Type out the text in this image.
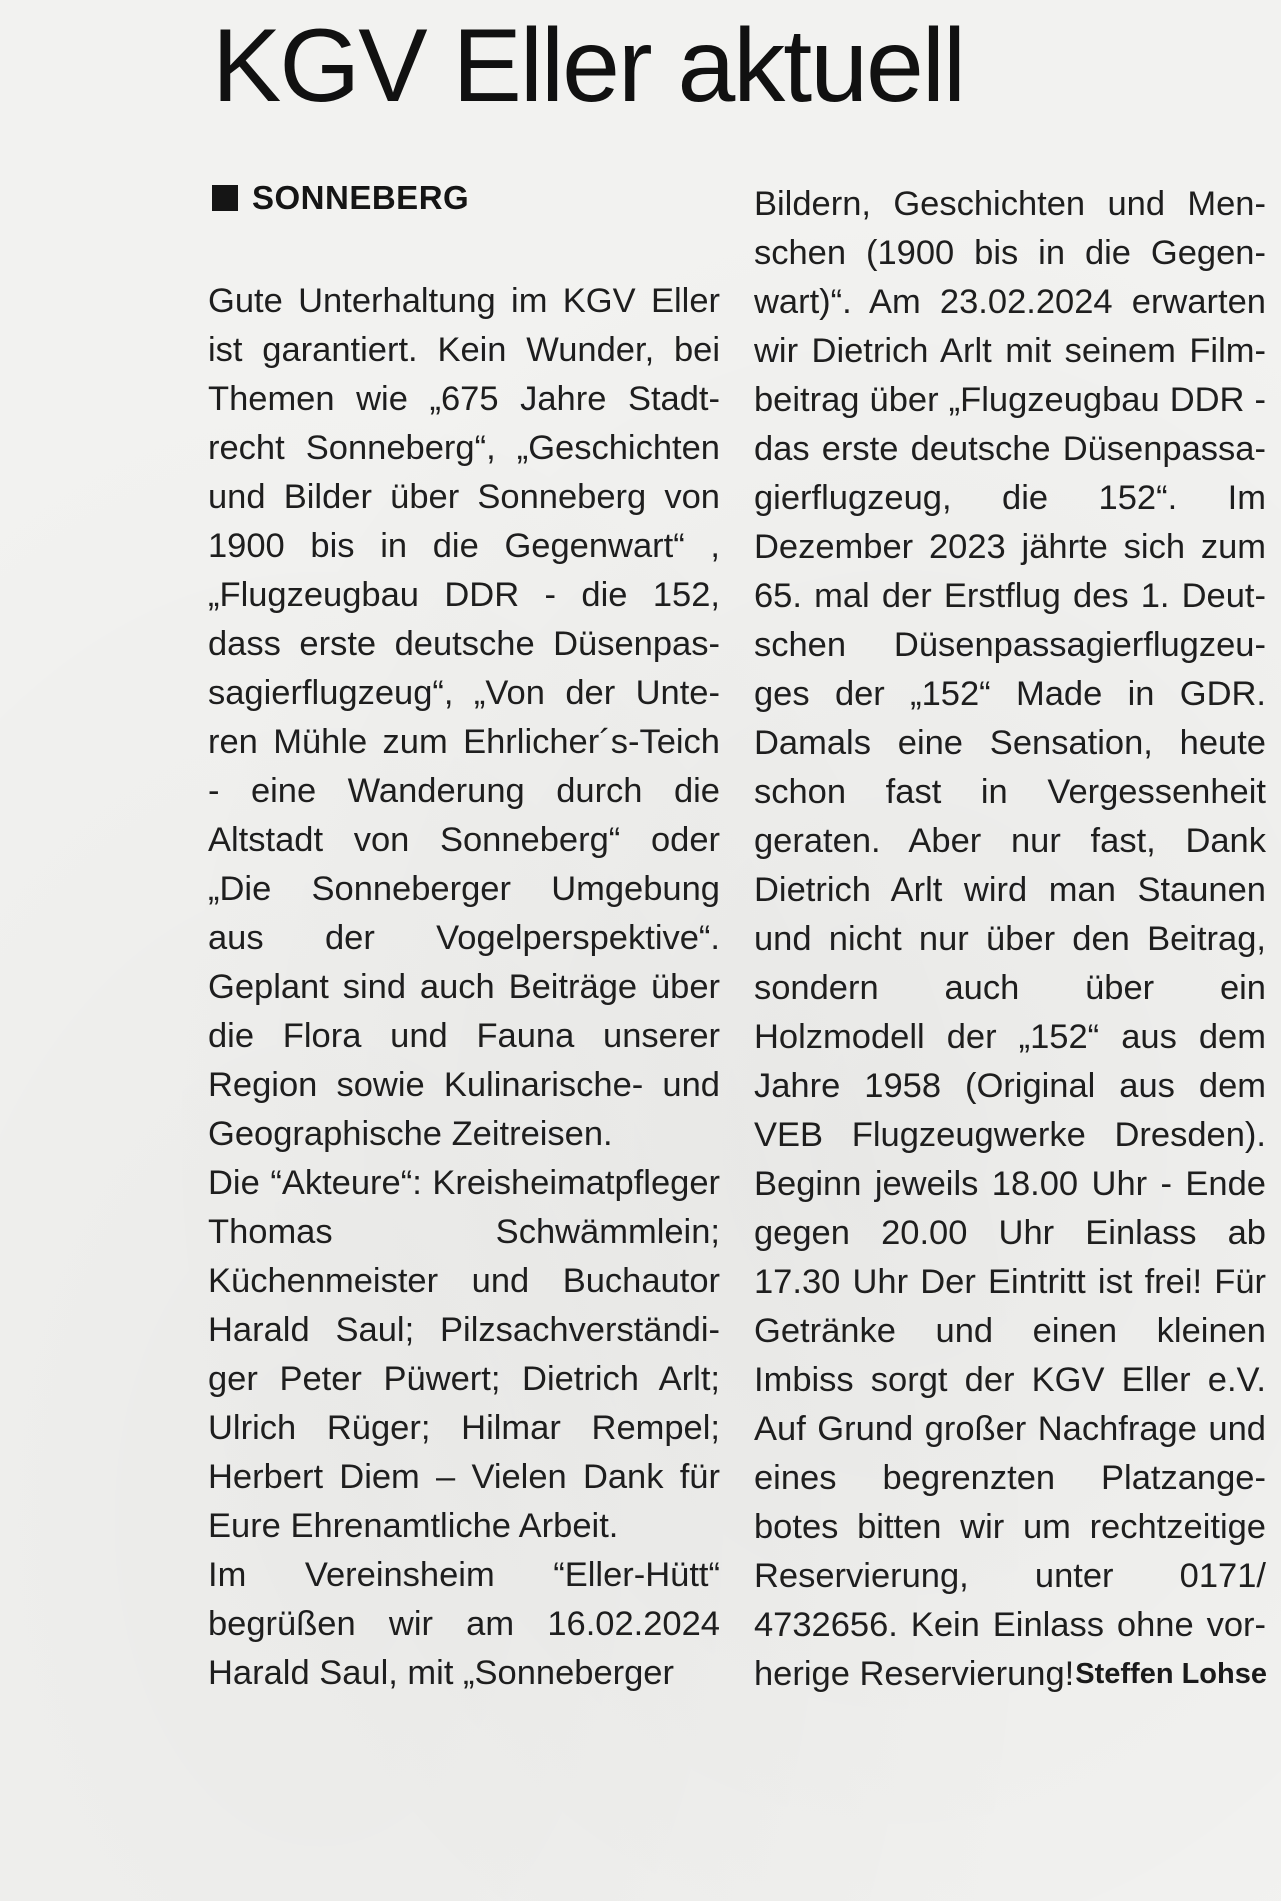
KGV Eller aktuell
SONNEBERG

Gute Unterhaltung im KGV Eller ist garantiert. Kein Wunder, bei Themen wie „675 Jahre Stadtrecht Sonneberg“, „Geschichten und Bilder über Sonneberg von 1900 bis in die Gegenwart“ , „Flugzeugbau DDR - die 152, dass erste deutsche Düsenpassagierflugzeug“, „Von der Unteren Mühle zum Ehrlicher´s-Teich - eine Wanderung durch die Altstadt von Sonneberg“ oder „Die Sonneberger Umgebung aus der Vogelperspektive“. Geplant sind auch Beiträge über die Flora und Fauna unserer Region sowie Kulinarische- und Geographische Zeitreisen.

Die “Akteure“: Kreisheimatpfleger Thomas Schwämmlein; Küchenmeister und Buchautor Harald Saul; Pilzsachverständiger Peter Püwert; Dietrich Arlt; Ulrich Rüger; Hilmar Rempel; Herbert Diem – Vielen Dank für Eure Ehrenamtliche Arbeit.

Im Vereinsheim “Eller-Hütt“ begrüßen wir am 16.02.2024 Harald Saul, mit „Sonneberger

Bildern, Geschichten und Menschen (1900 bis in die Gegenwart)“. Am 23.02.2024 erwarten wir Dietrich Arlt mit seinem Filmbeitrag über „Flugzeugbau DDR - das erste deutsche Düsenpassagierflugzeug, die 152“. Im Dezember 2023 jährte sich zum 65. mal der Erstflug des 1. Deutschen Düsenpassagierflugzeuges der „152“ Made in GDR. Damals eine Sensation, heute schon fast in Vergessenheit geraten. Aber nur fast, Dank Dietrich Arlt wird man Staunen und nicht nur über den Beitrag, sondern auch über ein Holzmodell der „152“ aus dem Jahre 1958 (Original aus dem VEB Flugzeugwerke Dresden). Beginn jeweils 18.00 Uhr - Ende gegen 20.00 Uhr Einlass ab 17.30 Uhr Der Eintritt ist frei! Für Getränke und einen kleinen Imbiss sorgt der KGV Eller e.V. Auf Grund großer Nachfrage und eines begrenzten Platzangebotes bitten wir um rechtzeitige Reservierung, unter 0171/ 4732656. Kein Einlass ohne vorherige Reservierung! Steffen Lohse
